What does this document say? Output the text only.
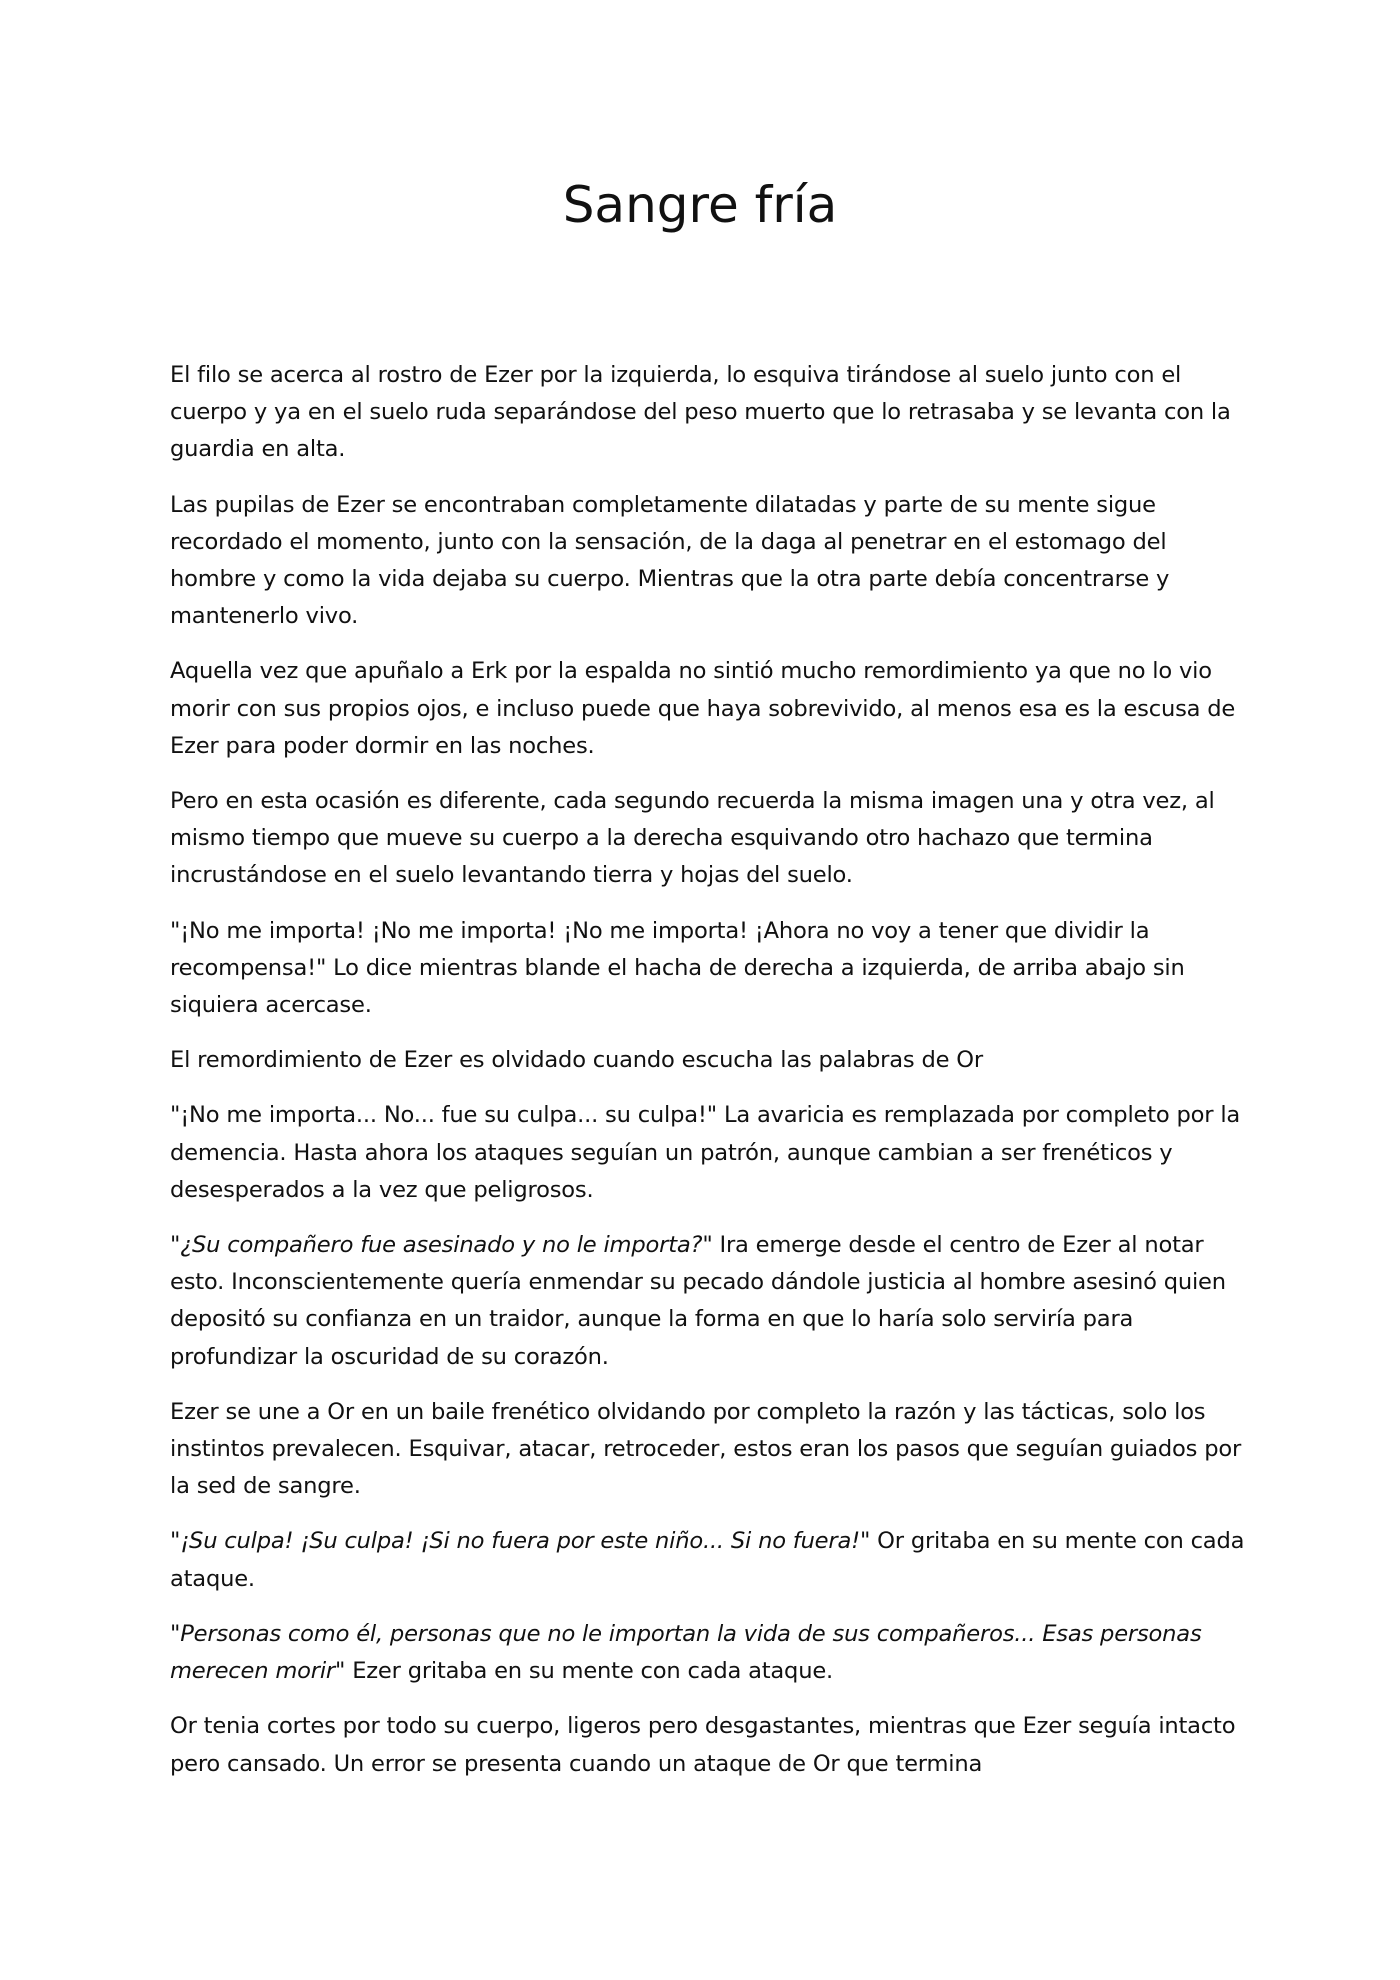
Sangre fría

El filo se acerca al rostro de Ezer por la izquierda, lo esquiva tirándose al suelo junto con el cuerpo y ya en el suelo ruda separándose del peso muerto que lo retrasaba y se levanta con la guardia en alta.

Las pupilas de Ezer se encontraban completamente dilatadas y parte de su mente sigue recordado el momento, junto con la sensación, de la daga al penetrar en el estomago del hombre y como la vida dejaba su cuerpo. Mientras que la otra parte debía concentrarse y mantenerlo vivo.

Aquella vez que apuñalo a Erk por la espalda no sintió mucho remordimiento ya que no lo vio morir con sus propios ojos, e incluso puede que haya sobrevivido, al menos esa es la escusa de Ezer para poder dormir en las noches.

Pero en esta ocasión es diferente, cada segundo recuerda la misma imagen una y otra vez, al mismo tiempo que mueve su cuerpo a la derecha esquivando otro hachazo que termina incrustándose en el suelo levantando tierra y hojas del suelo.

"¡No me importa! ¡No me importa! ¡No me importa! ¡Ahora no voy a tener que dividir la recompensa!" Lo dice mientras blande el hacha de derecha a izquierda, de arriba abajo sin siquiera acercase.

El remordimiento de Ezer es olvidado cuando escucha las palabras de Or

"¡No me importa... No... fue su culpa... su culpa!" La avaricia es remplazada por completo por la demencia. Hasta ahora los ataques seguían un patrón, aunque cambian a ser frenéticos y desesperados a la vez que peligrosos.

"¿Su compañero fue asesinado y no le importa?" Ira emerge desde el centro de Ezer al notar esto. Inconscientemente quería enmendar su pecado dándole justicia al hombre asesinó quien depositó su confianza en un traidor, aunque la forma en que lo haría solo serviría para profundizar la oscuridad de su corazón.

Ezer se une a Or en un baile frenético olvidando por completo la razón y las tácticas, solo los instintos prevalecen. Esquivar, atacar, retroceder, estos eran los pasos que seguían guiados por la sed de sangre.

"¡Su culpa! ¡Su culpa! ¡Si no fuera por este niño... Si no fuera!" Or gritaba en su mente con cada ataque.

"Personas como él, personas que no le importan la vida de sus compañeros... Esas personas merecen morir" Ezer gritaba en su mente con cada ataque.

Or tenia cortes por todo su cuerpo, ligeros pero desgastantes, mientras que Ezer seguía intacto pero cansado. Un error se presenta cuando un ataque de Or que termina
